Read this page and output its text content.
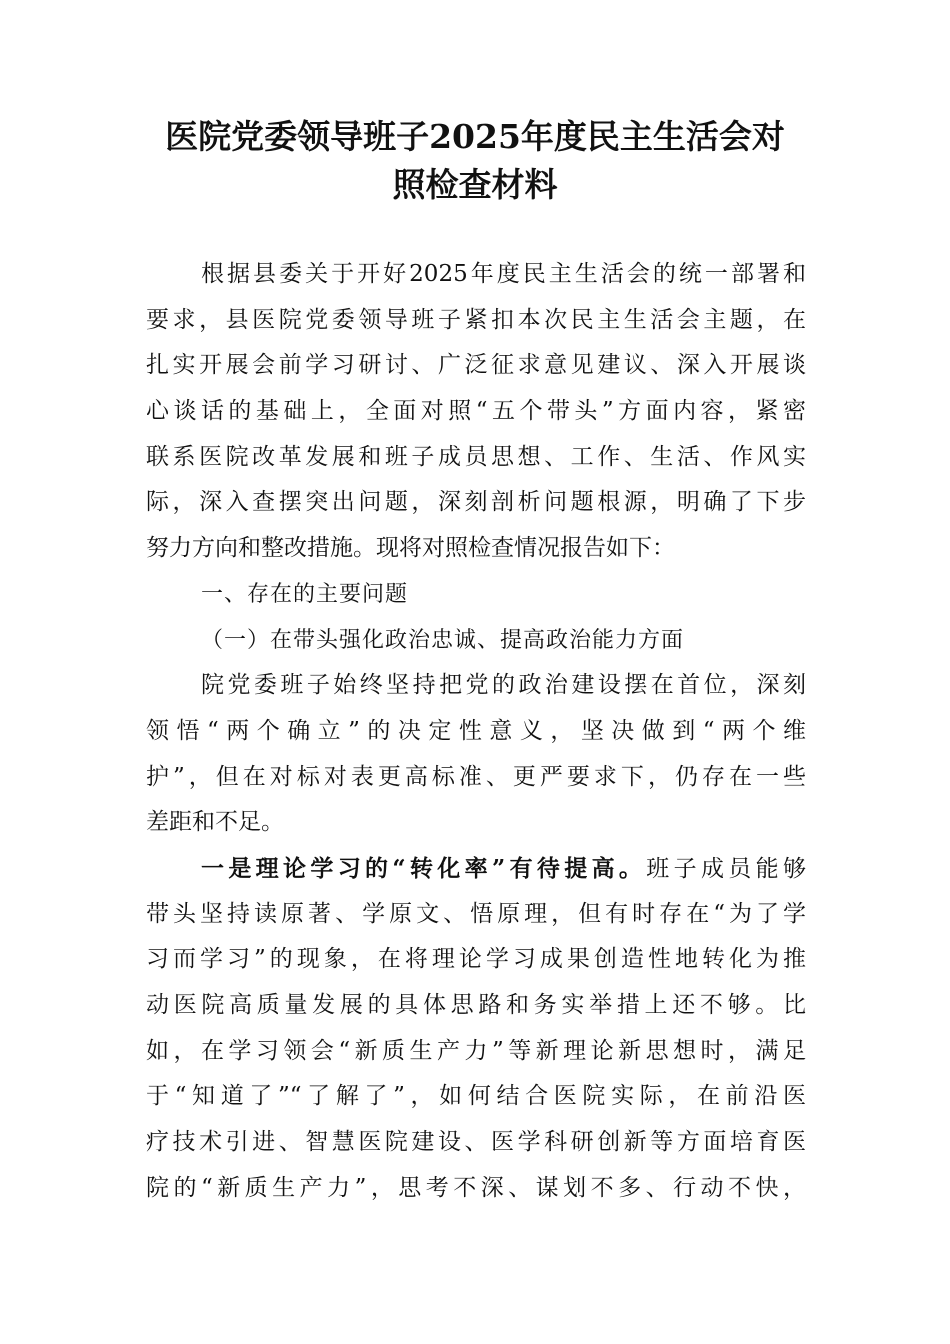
医院党委领导班子2025年度民主生活会对
照检查材料

根据县委关于开好2025年度民主生活会的统一部署和

要求，县医院党委领导班子紧扣本次民主生活会主题，在

扎实开展会前学习研讨、广泛征求意见建议、深入开展谈

心谈话的基础上，全面对照“五个带头”方面内容，紧密

联系医院改革发展和班子成员思想、工作、生活、作风实

际，深入查摆突出问题，深刻剖析问题根源，明确了下步

努力方向和整改措施。现将对照检查情况报告如下：

一、存在的主要问题

（一）在带头强化政治忠诚、提高政治能力方面

院党委班子始终坚持把党的政治建设摆在首位，深刻

领悟“两个确立”的决定性意义，坚决做到“两个维

护”，但在对标对表更高标准、更严要求下，仍存在一些

差距和不足。

一是理论学习的“转化率”有待提高。班子成员能够

带头坚持读原著、学原文、悟原理，但有时存在“为了学

习而学习”的现象，在将理论学习成果创造性地转化为推

动医院高质量发展的具体思路和务实举措上还不够。比

如，在学习领会“新质生产力”等新理论新思想时，满足

于“知道了”“了解了”，如何结合医院实际，在前沿医

疗技术引进、智慧医院建设、医学科研创新等方面培育医

院的“新质生产力”，思考不深、谋划不多、行动不快，
